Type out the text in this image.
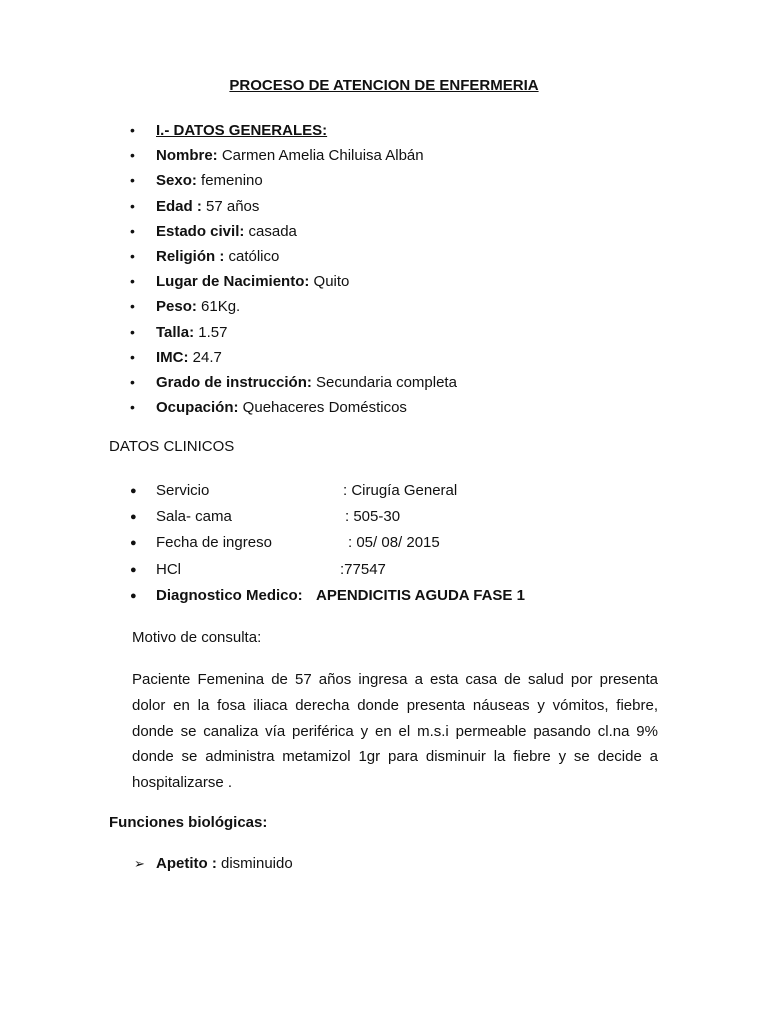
PROCESO DE ATENCION DE ENFERMERIA
• I.- DATOS GENERALES:
• Nombre: Carmen Amelia Chiluisa Albán
• Sexo: femenino
• Edad : 57 años
• Estado civil: casada
• Religión : católico
• Lugar de Nacimiento: Quito
• Peso: 61Kg.
• Talla: 1.57
• IMC: 24.7
• Grado de instrucción: Secundaria completa
• Ocupación: Quehaceres Domésticos
DATOS CLINICOS
● Servicio	: Cirugía General
● Sala- cama	: 505-30
● Fecha de ingreso	: 05/ 08/ 2015
● HCl	:77547
● Diagnostico Medico: APENDICITIS AGUDA FASE 1
Motivo de consulta:

Paciente Femenina de 57 años ingresa a esta casa de salud por presenta dolor en la fosa iliaca derecha donde presenta náuseas y vómitos, fiebre, donde se canaliza vía periférica y en el m.s.i permeable pasando cl.na 9% donde se administra metamizol 1gr para disminuir la fiebre y se decide a hospitalizarse .

Funciones biológicas:
➢ Apetito : disminuido
